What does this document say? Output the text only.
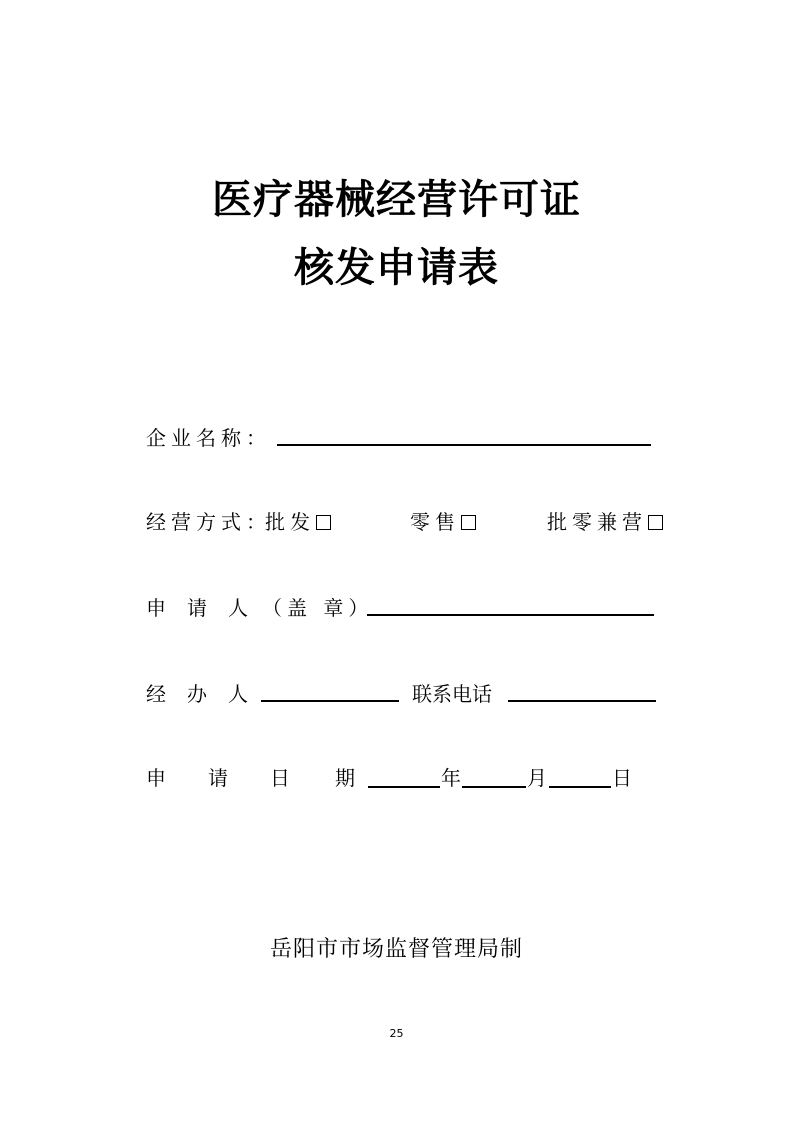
医疗器械经营许可证
核发申请表
企业名称：
经营方式：
批发	零售	批零兼营
申 请 人 （盖 章）
经 办 人	联系电话
申 请 日 期	年	月	日
岳阳市市场监督管理局制
25
